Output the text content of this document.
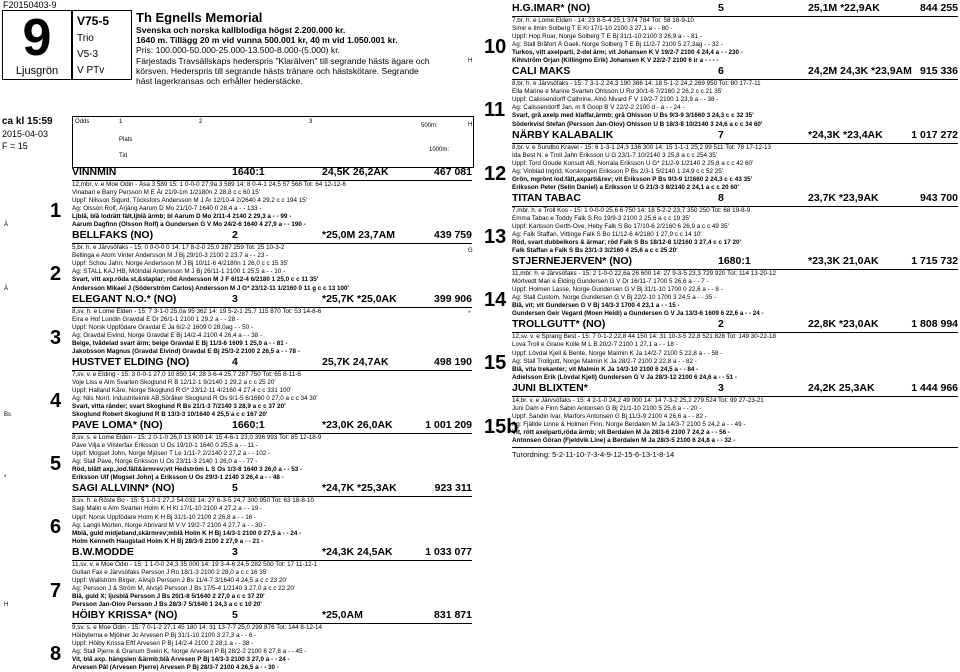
F20150403-9
9
Ljusgrön
V75-5
Trio
V5-3
V PTv
Th Egnells Memorial
Svenska och norska kallblodiga högst 2.200.000 kr.
1640 m. Tillägg 20 m vid vunna 500.001 kr, 40 m vid 1.050.001 kr.
Pris: 100.000-50.000-25.000-13.500-8.000-(5.000) kr.
Färjestads Travsällskaps hederspris "Klarälven" till segrande hästs ägare och
körsven. Hederspris till segrande hästs tränare och hästskötare. Segrande
häst lagerkransas och erhåller hederstäcke.
ca kl 15:59
2015-04-03
F = 15
Odds	1	2	3
Plats
Tid
500m:
1000m:
VINNMIN	1640:1	24,5K 26,2AK	467 081
12,mbr. v. e Moe Odin - Åsa 3 589 15: 1 0-0-0 27,9a 3 589 14: 8 0-4-1 24,5 57 568 Tot: 64 12-12-6
Vinabari e Barry Persson M E År 21/9-1m 1/2180n 2 28,8 c c 60 15'
Uppf: Nilsson Sigurd, Töcksfors Andersson M J År 12/10-4 2/2640 4 29,2 c c 194 15'
Äg: Olsson Rolf, Årjäng Aarum D Mo 21/10-7 1640 0 28,4 a - - 133 -
Ljblå, blå lodrätt fält,ljblå ärmb; bl Aarum D Mo 2/11-4 2140 2 29,3 a - - 99 -
Aarum Dagfinn (Olsson Rolf) a Gundersen G V Mo 24/2-6 1640 4 27,9 a - - 190 -
1
Ä
BELLFAKS (NO)	2	*25,0M 23,7AM	439 759
5,br. h. e Järvsöfaks - 15: 0 0-0-0 0 14: 17 8-2-0 25,0 287 259 Tot: 25 10-3-2
Bellinga e Atom Vinter Andersson M J Bj 29/10-3 2100 2 23,7 a - - 23 -
Uppf: Schou Jahn, Norge Andersson M J Bj 10/11-6 4/2180n 1 26,0 c c 15 35'
Äg: STALL KAJ HB, Mölndal Andersson M J Bj 26/11-1 2100 1 25,5 a - - 10 -
Svart, vitt axp.röda st,&staplar; röd Andersson M J F 6/12-4 6/2180 1 25,0 c c 11 35'
Andersson Mikael J (Söderström Carlos) Andersson M J G* 23/12-11 1/2160 0 11 g c c 13 100'
2
Ä
ELEGANT N.O.* (NO)	3	*25,7K *25,0AK	399 906
8,sv. h. e Lome Elden - 15: 7 3-1-0 25,0a 95 362 14: 19 5-2-1 25,7 115 870 Tot: 53 14-8-6
Eira e Hof Lundin Gravdal E Dr 26/1-1 2100 1 29,2 a - - 28 -
Uppf: Norsk Uppfödare Gravdal E Ja 6/2-2 1609 0 28,0ag - - 50 -
Äg: Gravdal Eivind, Norge Gravdal E Bj 14/2-4 2100 4 26,4 a - - 38 -
Beige, tvådelad svart ärm; beige Gravdal E Bj 11/3-6 1609 1 25,0 a - - 81 -
Jakobsson Magnus (Gravdal Eivind) Gravdal E Bj 25/3-2 2100 2 26,5 a - - 78 -
3
HUSTVET ELDING (NO)	4	25,7K 24,7AK	498 190
7,sv. v. e Elding - 15: 3 0-0-1 27,0 10 850 14: 28 3-6-4 25,7 287 750 Tot: 65 8-11-6
Voje Liss e Alm Svarten Skoglund R B 12/12-1 9/2140 1 29,2 a c c 25 20'
Uppf: Halland Kåre, Norge Skoglund R G* 23/12-11 4/2160 4 27,4 c c 331 100'
Äg: Nils Norrl. Industriteknik AB,Söråker Skoglund R Ös 9/1-5 6/1660 0 27,0 a c c 34 30'
Svart, vitta ränder; svart Skoglund R Bs 21/1-3 7/2140 3 28,9 a c c 37 20'
Skoglund Robert Skoglund R B 13/3-3 10/1640 4 25,5 a c c 167 20'
4
Bs
PAVE LOMA* (NO)	1660:1	*23,0K 26,0AK	1 001 209
8,sv. s. e Lome Elden - 15: 2 0-1-0 26,0 13 600 14: 15 4-6-1 23,0 396 993 Tot: 85 12-18-9
Pave Vilja e Vilsterfax Eriksson U Ös 19/10-1 1640 0 25,5 a - - 11 -
Uppf: Mogset John, Norge Mjösen T Le 1/11-7 2/2140 2 27,2 a - - 102 -
Äg: Stall Pave, Norge Eriksson U Ös 23/11-3 2140 1 26,0 a - - 77 -
Röd, blått axp.,lod.fält&ärmrev;vit Hedström L S Ös 1/3-8 1640 3 26,0 a - - 53 -
Eriksson Ulf (Mogset John) a Eriksson U Ös 29/3-1 2140 3 26,4 a - - 48 -
5
*
SAGI ALLVINN* (NO)	5	*24,7K *25,3AK	923 311
8,sv. h. e Röste Bo - 15: 5 1-0-1 27,2 54 032 14: 27 6-3-5 24,7 300 950 Tot: 63 18-8-10
Sagi Malin e Alm Svarten Holm K H Kl 17/1-10 2100 4 27,2 a - - 19 -
Uppf: Norsk Uppfödare Holm K H Bj 31/1-10 2100 2 26,8 a - - 16 -
Äg: Langli Morten, Norge Abrivard M V V 19/2-7 2100 4 27,7 a - - 30 -
Mblå, guld midjeband,skärmrev;mblå Holm K H Bj 14/3-1 2100 0 27,5 a - - 24 -
Holm Kenneth Haugstad Holm K H Bj 28/3-9 2100 2 27,9 a - - 21 -
6
B.W.MODDE	3	*24,3K 24,5AK	1 033 077
11,sv. v. e Moe Odin - 15: 1 1-0-0 24,3 35 000 14: 19 3-4-6 24,5 282 500 Tot: 17 11-12-1
Gullan Fax e Järvsöfaks Persson J Ro 18/1-3 2100 2 28,0 a c c 16 35'
Uppf: Wallström Birger, Älvsjö Persson J Bs 11/4-7 3/1640 4 24,5 a c c 23 20'
Äg: Persson J & Ström M, Alvsjö Persson J Bs 17/5-4 1/2140 3 27,0 a c c 22 20'
Blå, guld X; ljusblå Persson J Bs 20/1-8 5/1640 2 27,0 a c c 37 20'
Persson Jan-Olov Persson J Bs 28/3-7 5/1640 1 24,3 a c c 10 20'
7
H
HÖIBY KRISSA* (NO)	5	*25,0AM	831 871
9,sv. s. e Moe Odin - 15: 7 0-1-2 27,1 45 180 14: 31 13-7-7 25,0 299 876 Tot: 144 8-12-14
Höibyterna e Mjölner Jo Arvesen P Bj 31/1-10 2100 3 27,3 a - - 6 -
Uppf: Höiby Krissa Eftf Arvesen P Bj 14/2-4 2100 2 28,1 a - - 38 -
Äg: Stall Pjerre & Granum Svein K, Norge Arvesen P Bj 28/2-2 2100 6 27,8 a - - 45 -
Vit, blå axp. hängslen &ärmb;blå Arvesen P Bj 14/3-3 2100 3 27,0 a - - 24 -
Arvesen Pål (Arvesen Pjerre) Arvesen P Bj 28/3-7 2100 4 26,5 a - - 30 -
8
H.G.IMAR* (NO)	5	25,1M *22,9AK	844 255
7,br. h. e Lome Elden - 14: 23 8-5-4 25,1 374 784 Tot: 58 18-9-10
Simir e Ilmin Solberg T E Kl 17/1-10 2100 3 27,1 a - - 80 -
Uppf: Hop Roar, Norge Solberg T E Bj 31/1-10 2100 3 26,9 a - - 81 -
Äg: Stall Bråfort Å Gaeli, Norge Solberg T E Bj 11/2-7 2100 5 27,3ag - - 32 -
Turkos, vitt axelparti, 2-del ärm; vit Johansen K V 19/2-7 2100 4 24,4 a - - 230 -
Kihlström Örjan (Killingmo Erik) Johansen K V 22/2-7 2100 6 ir a - - - -
10
H
CALI MAKS	6	24,2M 24,3K *23,9AM 915 336
8,br. h. e Järvsöfaks - 15: 7 3-1-2 24,3 190 386 14: 18 5-1-2 24,2 269 950 Tot: 80 17-7-11
Ella Marine e Marine Svarten Ohlsson U Ro 30/1-6 7/2160 2 26,2 c c 21 35'
Uppf: Calissendorff Cathrine, Alnö Nivard F V 19/2-7 2100 1 23,9 a - - 38 -
Äg: Calissendorff Jan, m fl Goop B V 22/2-2 2100 d - a - - 24 -
Svart, grå axelp med klaffar,ärmb; grå Ohlsson U Bs 9/3-9 3/1660 3 24,3 c c 32 35'
Söderkvist Stefan (Persson Jan-Olov) Ohlsson U B 18/3-8 10/2140 3 24,6 a c c 34 60'
11
H
NÄRBY KALABALIK	7	*24,3K *23,4AK	1 017 272
8,br. v. e Sundbo Kravel - 15: 6 1-3-1 24,3 136 300 14: 15 1-1-1 25,2 99 511 Tot: 78 17-12-13
Ida Best N. e Troll Jahn Eriksson U G 23/1-7 10/2140 3 25,8 a c c 254 35'
Uppf: Tord Goude Konsult AB, Norrala Eriksson U G* 21/2-9 1/2140 2 25,8 a c c 42 60'
Äg: Vinblad Ingrid, Korskrogen Eriksson P Bs 2/3-1 5/2140 1 24,9 c c 52 25'
Grön, mgrönt lod.fält,axparti&rev; vit Eriksson P Bs 9/3-9 1/1660 2 24,3 c c 43 35'
Eriksson Peter (Selin Daniel) a Eriksson U G 21/3-3 8/2140 2 24,1 a c c 20 60'
12
TITAN TABAC	8	23,7K *23,9AK	943 700
7,mbr. h. e Troll Kos - 15: 1 0-0-0 25,6 6 750 14: 18 5-2-2 23,7 350 250 Tot: 68 19-8-9
Emma Tabac e Toddy Falk S Ro 19/9-3 2100 2 25,6 a c c 19 35'
Uppf: Karlsson Gerth-Ove, Heby Falk S Bo 17/10-6 2/2160 6 26,9 a c c 49 35'
Äg: Falk Staffan, Vittinge Falk S Bo 11/12-6 4/2180 1 27,9 c c 14 10'
Röd, svart dubbelkors & ärmar; röd Falk S Bs 18/12-8 1/2160 3 27,4 c c 17 20'
Falk Staffan a Falk S Bs 23/1-3 3/2160 4 25,6 a c c 25 20'
13
G
STJERNEJERVEN* (NO)	1680:1	*23,3K 21,0AK	1 715 732
11,mbr. h. e Järvsöfaks - 15: 2 1-0-0 22,6a 26 600 14: 27 9-3-5 23,3 729 920 Tot: 114 13-20-12
Mörtvedt Mari e Elding Gundersen G V Dr 16/11-7 1700 5 26,6 a - - 7 -
Uppf: Holmen Lasse, Norge Gundersen G V Bj 31/1-10 1700 0 22,6 a - - 8 -
Äg: Stall Custom, Norge Gundersen G V Bj 22/2-10 1700 3 24,5 a - - 35 -
Blå, vit; vit Gundersen G V Bj 14/3-3 1700 4 23,1 a - - 15 -
Gundersen Geir Vegard (Moen Heidi) a Gundersen G V Ja 13/3-6 1609 6 22,6 a - - 24 -
14
*
TROLLGUTT* (NO)	2	22,8K *23,0AK	1 808 994
12,sv. v. e Sprang Best - 15: 7 0-1-2 22,8 44 150 14: 31 10-3-5 22,8 521 828 Tot: 149 30-22-18
Lova Troll e Grane Kolle M L B 20/2-7 2100 1 27,1 a - - 18 -
Uppf: Lövdal Kjell & Bente, Norge Malmin K Ja 14/2-7 2100 5 22,8 a - - 58 -
Äg: Stall Trollgutt, Norge Malmin K Ja 28/2-7 2100 2 22,8 a - - 82 -
Blå, vita trekanter; vit Malmin K Ja 14/3-10 2100 6 24,5 a - - 84 -
Adielsson Erik (Lövdal Kjell) Gundersen G V Ja 28/3-12 2100 6 24,6 a - - 51 -
15
JUNI BLIXTEN*	3	24,2K 25,3AK	1 444 966
14,br. v. e Järvsöfaks - 15: 4 2-1-0 24,2 49 000 14: 14 7-3-2 25,2 279 524 Tot: 99 27-23-21
Juni Dam e Finn Sabin Antonsen G Bj 21/1-10 2100 5 25,8 a - - 20 -
Uppf: Sandin Ivar, Marfors Antonsen G Bj 11/3-9 2100 4 26,6 a - - 82 -
Äg: Fjällde Linne & Holmen Finn, Norge Berdalen M Ja 14/3-7 2100 5 24,2 a - - 49 -
Vit, rött axelparti,röda ärmb; vit Berdalen M Ja 28/3-6 2100 7 24,2 a - - 56 -
Antonsen Göran (Fjeldvik Line) a Berdalen M Ja 28/3-5 2100 6 24,8 a - - 32 -
15b
Turordning: 5-2-11-10-7-3-4-9-12-15-6-13-1-8-14
